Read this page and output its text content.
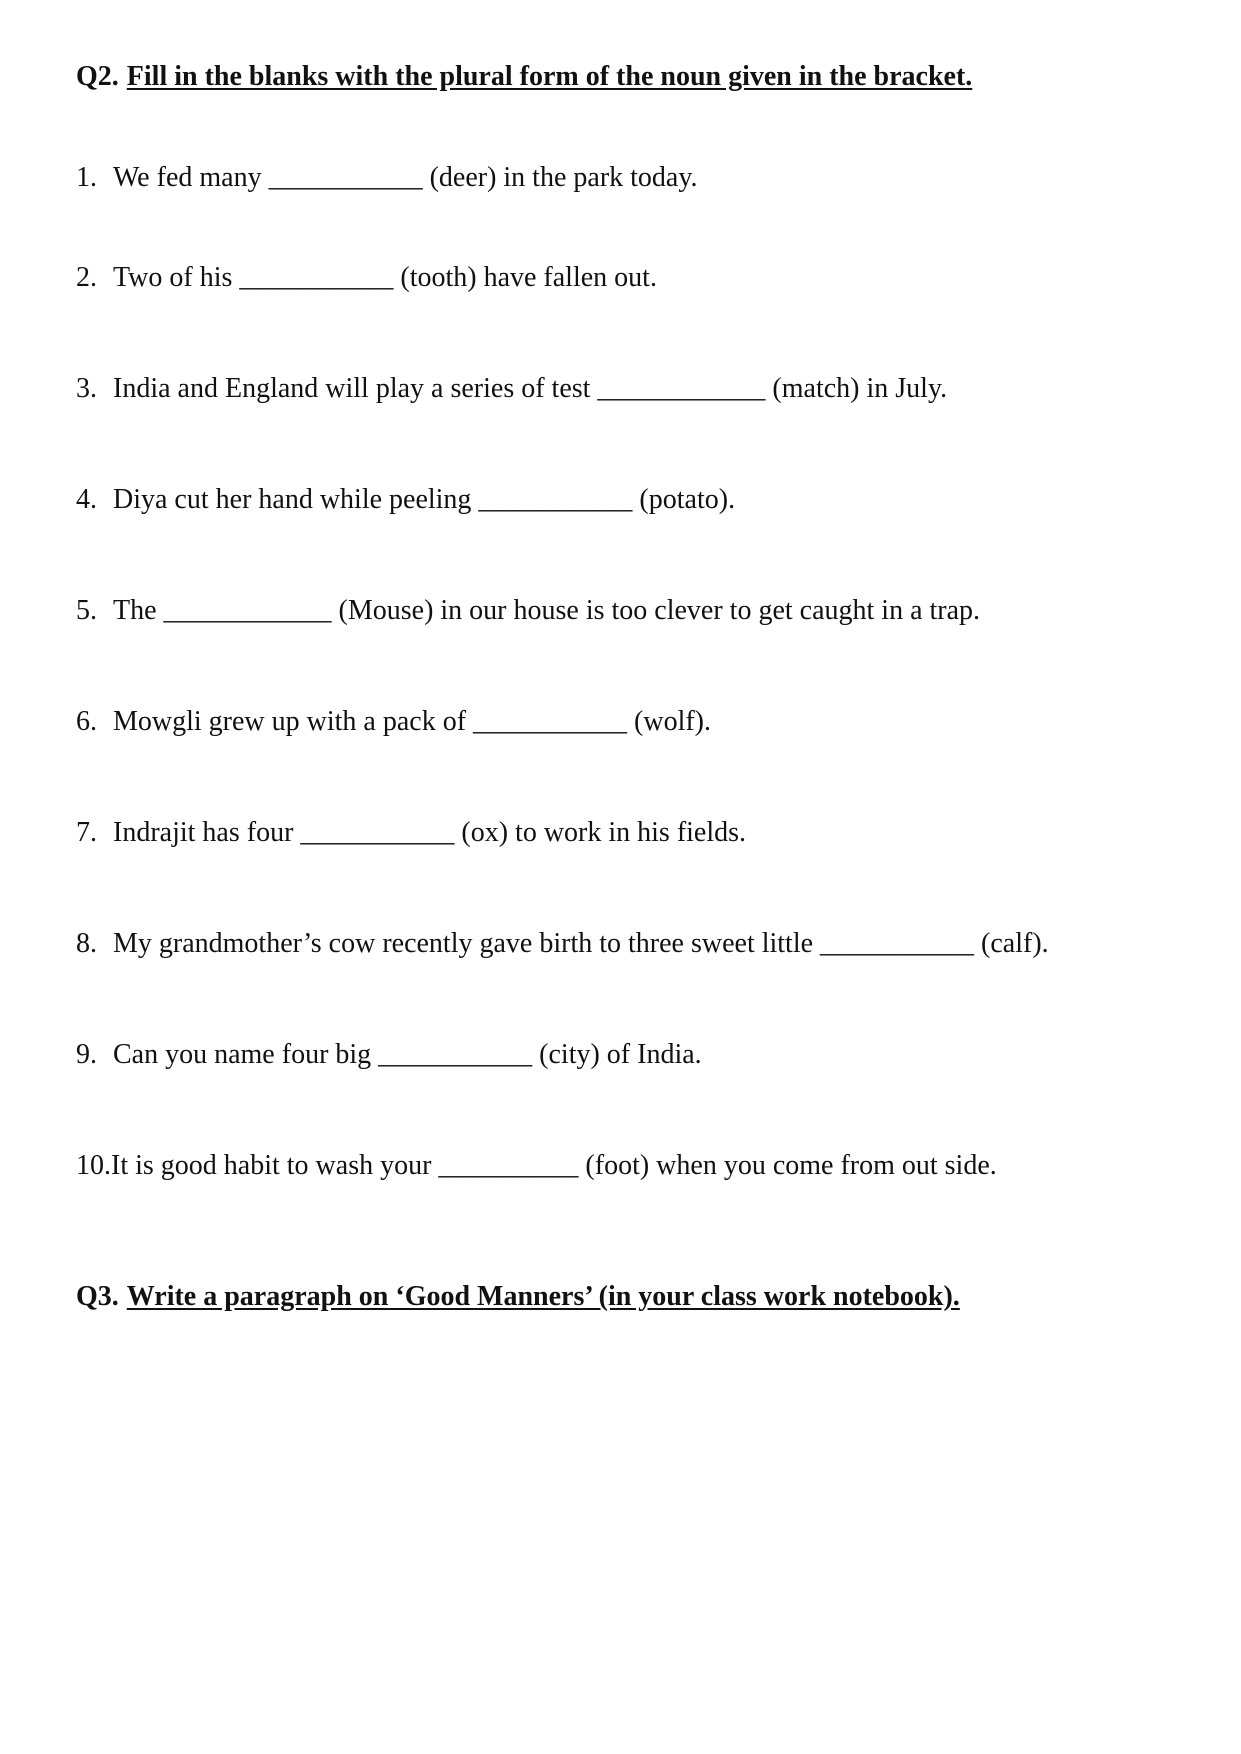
Q2. Fill in the blanks with the plural form of the noun given in the bracket.
1. We fed many ___________ (deer) in the park today.
2. Two of his ___________ (tooth) have fallen out.
3. India and England will play a series of test ____________ (match) in July.
4. Diya cut her hand while peeling ___________ (potato).
5. The ____________ (Mouse) in our house is too clever to get caught in a trap.
6. Mowgli grew up with a pack of ___________ (wolf).
7. Indrajit has four ___________ (ox) to work in his fields.
8. My grandmother’s cow recently gave birth to three sweet little ___________ (calf).
9. Can you name four big ___________ (city) of India.
10.It is good habit to wash your __________ (foot) when you come from out side.
Q3. Write a paragraph on ‘Good Manners’ (in your class work notebook).
